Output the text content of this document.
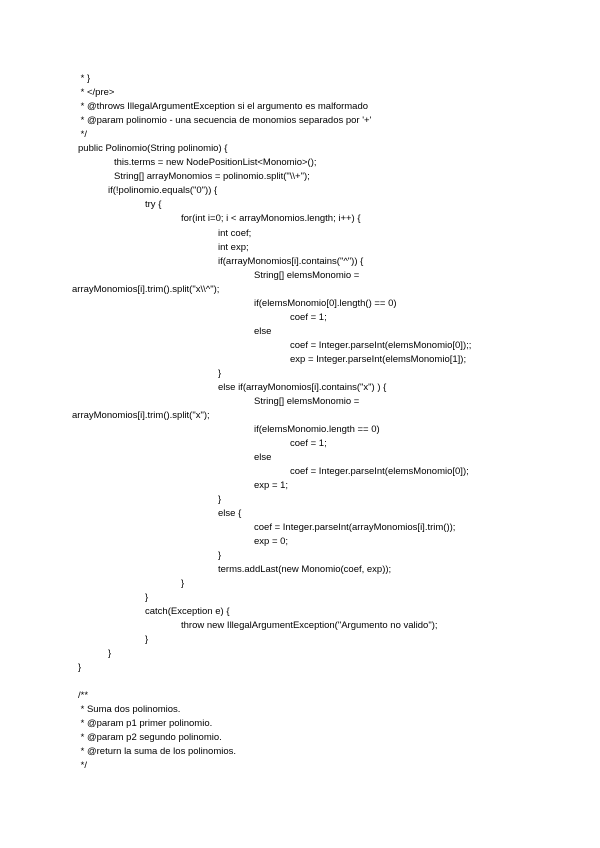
* }
* </pre>
* @throws IllegalArgumentException si el argumento es malformado
* @param polinomio - una secuencia de monomios separados por '+'
*/
public Polinomio(String polinomio) {
this.terms = new NodePositionList<Monomio>();
String[] arrayMonomios = polinomio.split("\\+");
if(!polinomio.equals("0")) {
try {
for(int i=0; i < arrayMonomios.length; i++) {
int coef;
int exp;
if(arrayMonomios[i].contains("^")) {
String[] elemsMonomio =
arrayMonomios[i].trim().split("x\\^");
if(elemsMonomio[0].length() == 0)
coef = 1;
else
coef = Integer.parseInt(elemsMonomio[0]);;
exp = Integer.parseInt(elemsMonomio[1]);
}
else if(arrayMonomios[i].contains("x") ) {
String[] elemsMonomio =
arrayMonomios[i].trim().split("x");
if(elemsMonomio.length == 0)
coef = 1;
else
coef = Integer.parseInt(elemsMonomio[0]);
exp = 1;
}
else {
coef = Integer.parseInt(arrayMonomios[i].trim());
exp = 0;
}
terms.addLast(new Monomio(coef, exp));
}
}
catch(Exception e) {
throw new IllegalArgumentException("Argumento no valido");
}
}
}
/**
* Suma dos polinomios.
* @param p1 primer polinomio.
* @param p2 segundo polinomio.
* @return la suma de los polinomios.
*/
